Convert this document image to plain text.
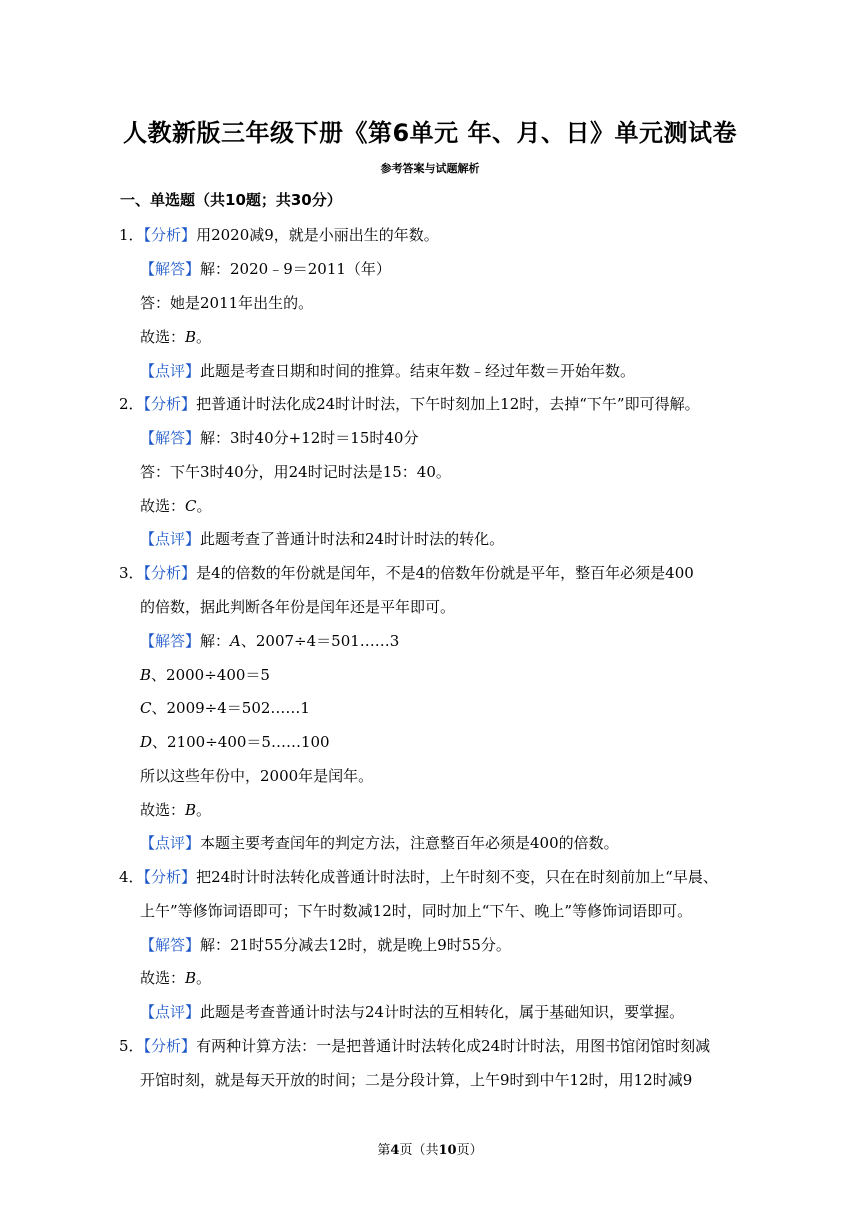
人教新版三年级下册《第6单元 年、月、日》单元测试卷
参考答案与试题解析
一、单选题（共10题；共30分）
1．【分析】用2020减9，就是小丽出生的年数。
【解答】解：2020﹣9＝2011（年）
答：她是2011年出生的。
故选：B。
【点评】此题是考查日期和时间的推算。结束年数﹣经过年数＝开始年数。
2．【分析】把普通计时法化成24时计时法，下午时刻加上12时，去掉“下午”即可得解。
【解答】解：3时40分+12时＝15时40分
答：下午3时40分，用24时记时法是15：40。
故选：C。
【点评】此题考查了普通计时法和24时计时法的转化。
3．【分析】是4的倍数的年份就是闰年，不是4的倍数年份就是平年，整百年必须是400
的倍数，据此判断各年份是闰年还是平年即可。
【解答】解：A、2007÷4＝501……3
B、2000÷400＝5
C、2009÷4＝502……1
D、2100÷400＝5……100
所以这些年份中，2000年是闰年。
故选：B。
【点评】本题主要考查闰年的判定方法，注意整百年必须是400的倍数。
4．【分析】把24时计时法转化成普通计时法时，上午时刻不变，只在在时刻前加上“早晨、
上午”等修饰词语即可；下午时数减12时，同时加上“下午、晚上”等修饰词语即可。
【解答】解：21时55分减去12时，就是晚上9时55分。
故选：B。
【点评】此题是考查普通计时法与24计时法的互相转化，属于基础知识，要掌握。
5．【分析】有两种计算方法：一是把普通计时法转化成24时计时法，用图书馆闭馆时刻减
开馆时刻，就是每天开放的时间；二是分段计算，上午9时到中午12时，用12时减9
第4页（共10页）
